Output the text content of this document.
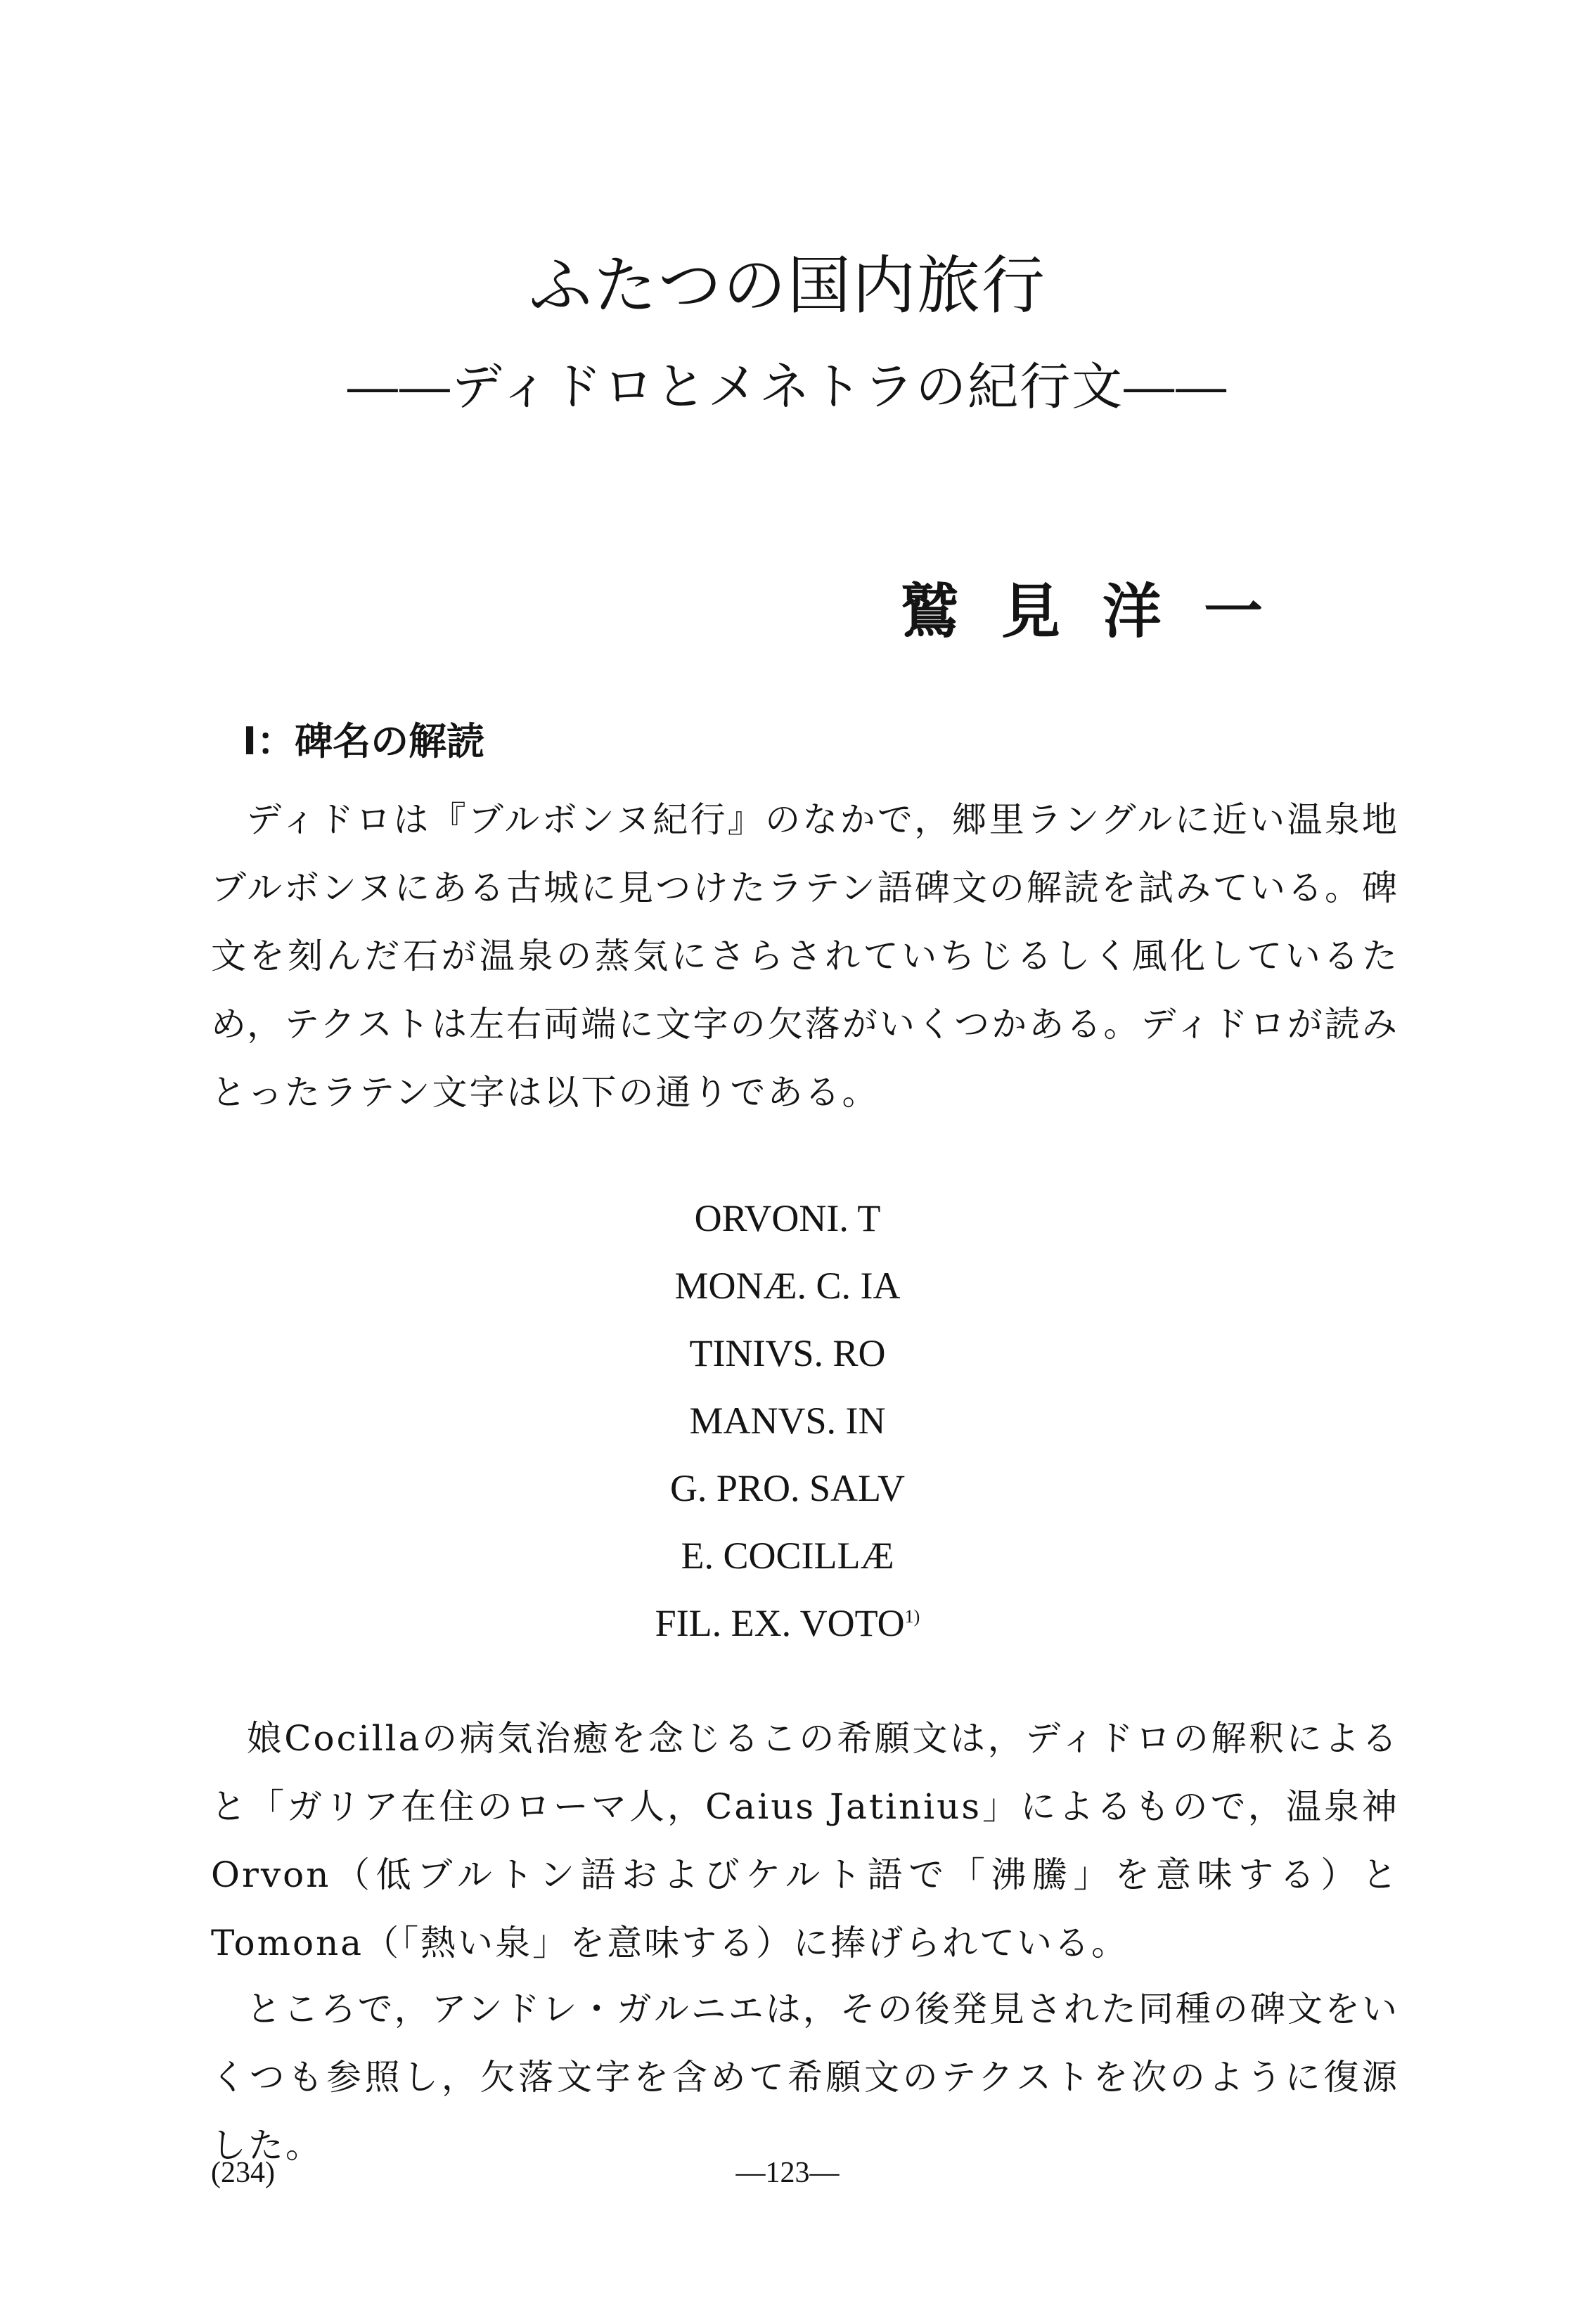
ふたつの国内旅行
――ディドロとメネトラの紀行文――
鷲見洋一
Ⅰ：碑名の解読

ディドロは『ブルボンヌ紀行』のなかで，郷里ラングルに近い温泉地ブルボンヌにある古城に見つけたラテン語碑文の解読を試みている。碑文を刻んだ石が温泉の蒸気にさらされていちじるしく風化しているため，テクストは左右両端に文字の欠落がいくつかある。ディドロが読みとったラテン文字は以下の通りである。

ORVONI. T
MONÆ. C. IA
TINIVS. RO
MANVS. IN
G. PRO. SALV
E. COCILLÆ
FIL. EX. VOTO$^{1)}$

娘Cocillaの病気治癒を念じるこの希願文は，ディドロの解釈によると「ガリア在住のローマ人，Caius Jatinius」によるもので，温泉神Orvon（低ブルトン語およびケルト語で「沸騰」を意味する）とTomona（「熱い泉」を意味する）に捧げられている。

ところで，アンドレ・ガルニエは，その後発見された同種の碑文をいくつも参照し，欠落文字を含めて希願文のテクストを次のように復源した。

(234)	—123—
